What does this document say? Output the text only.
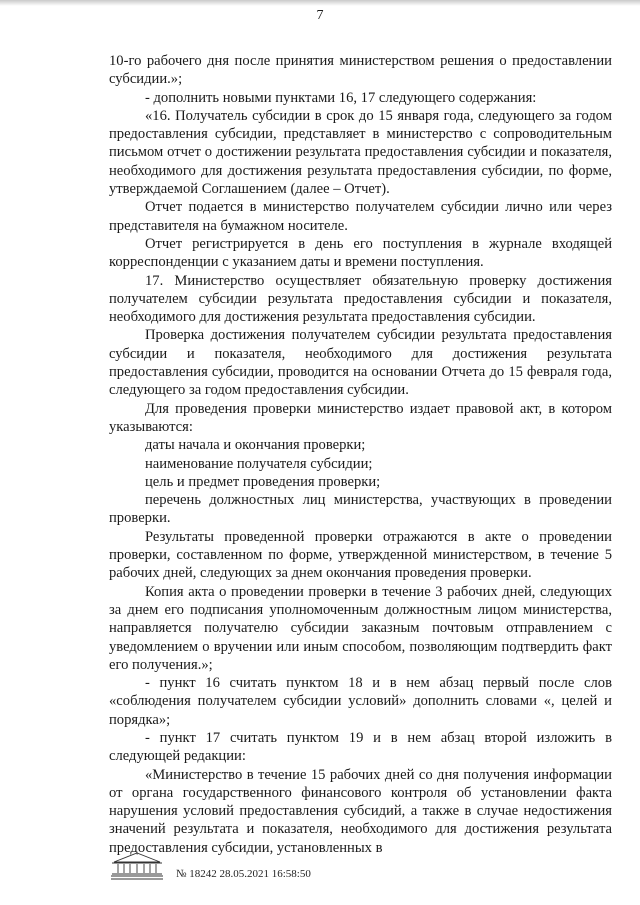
7

10-го рабочего дня после принятия министерством решения о предоставлении субсидии.»;

- дополнить новыми пунктами 16, 17 следующего содержания:

«16. Получатель субсидии в срок до 15 января года, следующего за годом предоставления субсидии, представляет в министерство с сопроводительным письмом отчет о достижении результата предоставления субсидии и показателя, необходимого для достижения результата предоставления субсидии, по форме, утверждаемой Соглашением (далее – Отчет).

Отчет подается в министерство получателем субсидии лично или через представителя на бумажном носителе.

Отчет регистрируется в день его поступления в журнале входящей корреспонденции с указанием даты и времени поступления.

17. Министерство осуществляет обязательную проверку достижения получателем субсидии результата предоставления субсидии и показателя, необходимого для достижения результата предоставления субсидии.

Проверка достижения получателем субсидии результата предоставления субсидии и показателя, необходимого для достижения результата предоставления субсидии, проводится на основании Отчета до 15 февраля года, следующего за годом предоставления субсидии.

Для проведения проверки министерство издает правовой акт, в котором указываются:

даты начала и окончания проверки;

наименование получателя субсидии;

цель и предмет проведения проверки;

перечень должностных лиц министерства, участвующих в проведении проверки.

Результаты проведенной проверки отражаются в акте о проведении проверки, составленном по форме, утвержденной министерством, в течение 5 рабочих дней, следующих за днем окончания проведения проверки.

Копия акта о проведении проверки в течение 3 рабочих дней, следующих за днем его подписания уполномоченным должностным лицом министерства, направляется получателю субсидии заказным почтовым отправлением с уведомлением о вручении или иным способом, позволяющим подтвердить факт его получения.»;

- пункт 16 считать пунктом 18 и в нем абзац первый после слов «соблюдения получателем субсидии условий» дополнить словами «, целей и порядка»;

- пункт 17 считать пунктом 19 и в нем абзац второй изложить в следующей редакции:

«Министерство в течение 15 рабочих дней со дня получения информации от органа государственного финансового контроля об установлении факта нарушения условий предоставления субсидий, а также в случае недостижения значений результата и показателя, необходимого для достижения результата предоставления субсидии, установленных в

№ 18242 28.05.2021 16:58:50
